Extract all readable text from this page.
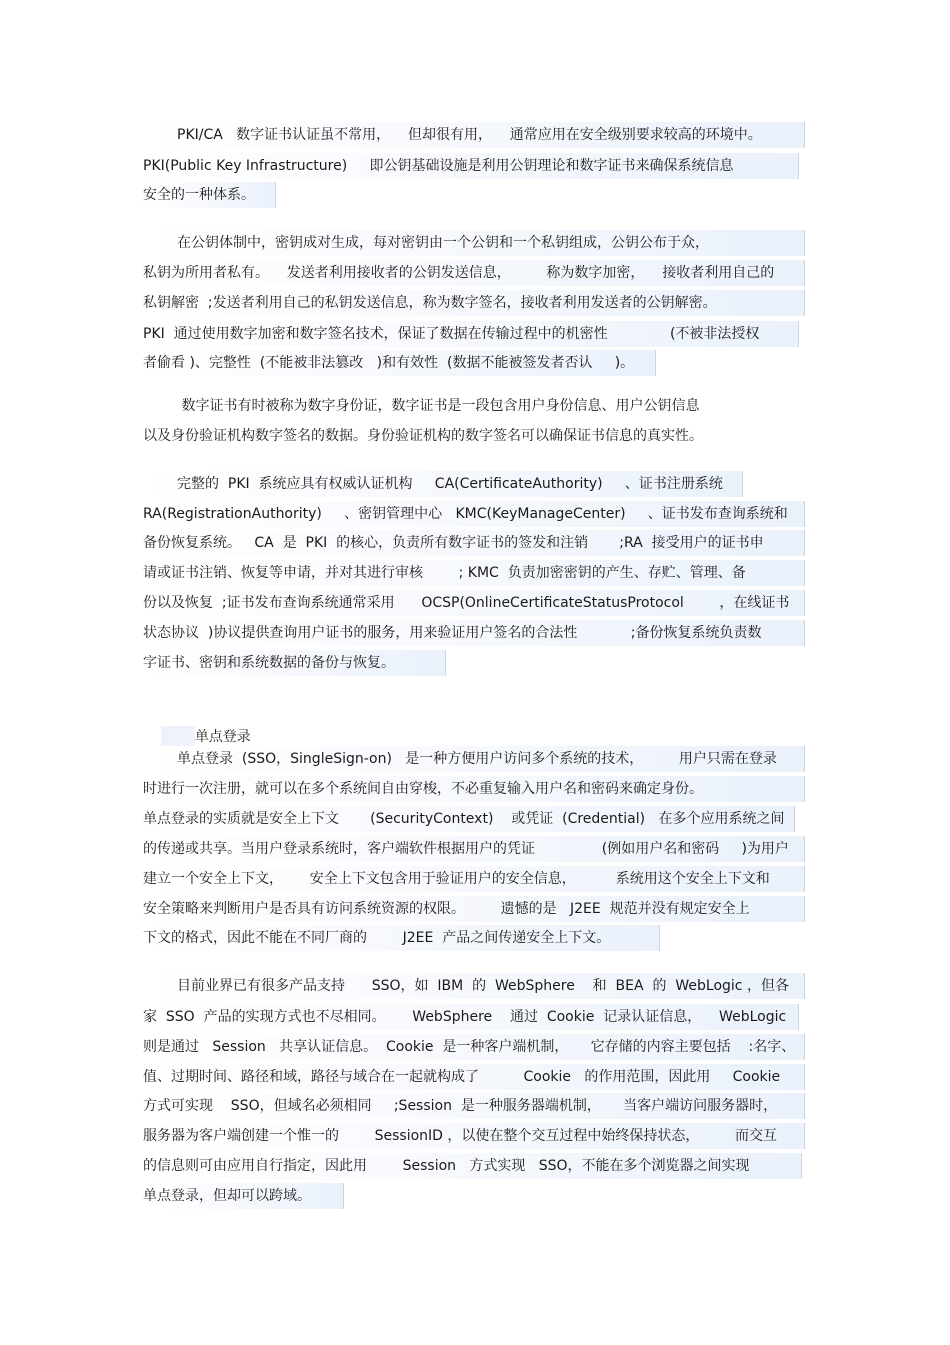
PKI/CA   数字证书认证虽不常用，    但却很有用，    通常应用在安全级别要求较高的环境中。
PKI(Public Key Infrastructure)     即公钥基础设施是利用公钥理论和数字证书来确保系统信息
安全的一种体系。
在公钥体制中，密钥成对生成，每对密钥由一个公钥和一个私钥组成，公钥公布于众，
私钥为所用者私有。    发送者利用接收者的公钥发送信息，        称为数字加密，    接收者利用自己的
私钥解密  ;发送者利用自己的私钥发送信息，称为数字签名，接收者利用发送者的公钥解密。
PKI  通过使用数字加密和数字签名技术，保证了数据在传输过程中的机密性              (不被非法授权
者偷看 )、完整性  (不能被非法篡改   )和有效性  (数据不能被签发者否认     )。
数字证书有时被称为数字身份证，数字证书是一段包含用户身份信息、用户公钥信息
以及身份验证机构数字签名的数据。身份验证机构的数字签名可以确保证书信息的真实性。
完整的  PKI  系统应具有权威认证机构     CA(CertificateAuthority)     、证书注册系统
RA(RegistrationAuthority)     、密钥管理中心   KMC(KeyManageCenter)     、证书发布查询系统和
备份恢复系统。   CA  是  PKI  的核心，负责所有数字证书的签发和注销       ;RA  接受用户的证书申
请或证书注销、恢复等申请，并对其进行审核        ; KMC  负责加密密钥的产生、存贮、管理、备
份以及恢复  ;证书发布查询系统通常采用      OCSP(OnlineCertificateStatusProtocol        ，在线证书
状态协议  )协议提供查询用户证书的服务，用来验证用户签名的合法性            ;备份恢复系统负责数
字证书、密钥和系统数据的备份与恢复。

单点登录

单点登录  (SSO，SingleSign-on)   是一种方便用户访问多个系统的技术，        用户只需在登录
时进行一次注册，就可以在多个系统间自由穿梭，不必重复输入用户名和密码来确定身份。
单点登录的实质就是安全上下文       (SecurityContext)    或凭证  (Credential)   在多个应用系统之间
的传递或共享。当用户登录系统时，客户端软件根据用户的凭证               (例如用户名和密码     )为用户
建立一个安全上下文，      安全上下文包含用于验证用户的安全信息，         系统用这个安全上下文和
安全策略来判断用户是否具有访问系统资源的权限。        遗憾的是   J2EE  规范并没有规定安全上
下文的格式，因此不能在不同厂商的        J2EE  产品之间传递安全上下文。
目前业界已有很多产品支持      SSO，如  IBM  的  WebSphere    和  BEA  的  WebLogic ，但各
家  SSO  产品的实现方式也不尽相同。      WebSphere    通过  Cookie  记录认证信息，    WebLogic
则是通过   Session   共享认证信息。  Cookie  是一种客户端机制，     它存储的内容主要包括    :名字、
值、过期时间、路径和域，路径与域合在一起就构成了          Cookie   的作用范围，因此用     Cookie
方式可实现    SSO，但域名必须相同     ;Session  是一种服务器端机制，     当客户端访问服务器时，
服务器为客户端创建一个惟一的        SessionID ，以使在整个交互过程中始终保持状态，        而交互
的信息则可由应用自行指定，因此用        Session   方式实现   SSO，不能在多个浏览器之间实现
单点登录，但却可以跨域。
